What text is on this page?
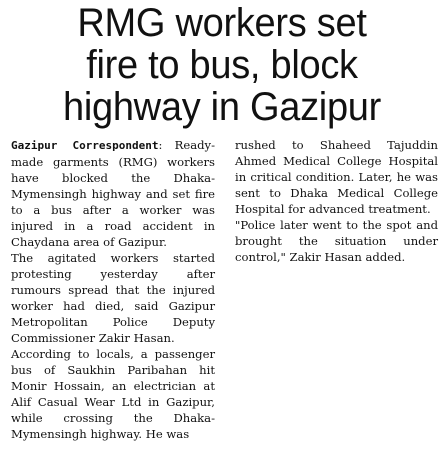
RMG workers set
fire to bus, block
highway in Gazipur

Gazipur Correspondent: Ready-made garments (RMG) workers have blocked the Dhaka-Mymensingh highway and set fire to a bus after a worker was injured in a road accident in Chaydana area of Gazipur.

The agitated workers started protesting yesterday after rumours spread that the injured worker had died, said Gazipur Metropolitan Police Deputy Commissioner Zakir Hasan.

According to locals, a passenger bus of Saukhin Paribahan hit Monir Hossain, an electrician at Alif Casual Wear Ltd in Gazipur, while crossing the Dhaka-Mymensingh highway. He was

rushed to Shaheed Tajuddin Ahmed Medical College Hospital in critical condition. Later, he was sent to Dhaka Medical College Hospital for advanced treatment.

"Police later went to the spot and brought the situation under control," Zakir Hasan added.
